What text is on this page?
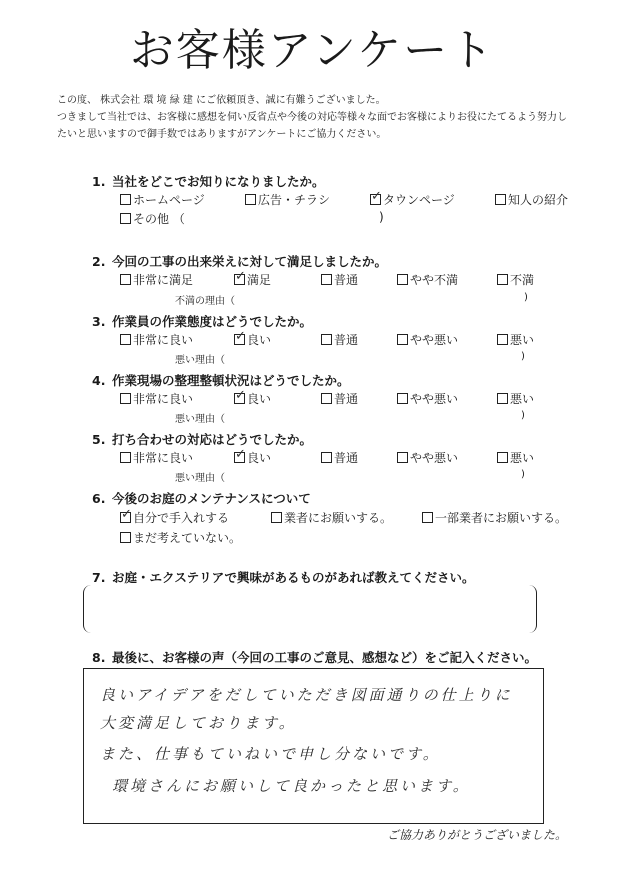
お客様アンケート
この度、 株式会社 環 境 緑 建 にご依頼頂き、誠に有難うございました。
つきまして当社では、お客様に感想を伺い反省点や今後の対応等様々な面でお客様によりお役にたてるよう努力し
たいと思いますので御手数ではありますがアンケートにご協力ください。
1. 当社をどこでお知りになりましたか。
ホームページ	広告・チラシ ✓	タウンページ	知人の紹介
その他 （	)
2. 今回の工事の出来栄えに対して満足しましたか。
非常に満足 ✓	満足	普通	やや不満	不満
不満の理由（	)
3. 作業員の作業態度はどうでしたか。
非常に良い ✓	良い	普通	やや悪い	悪い
悪い理由（	)
4. 作業現場の整理整頓状況はどうでしたか。
非常に良い ✓	良い	普通	やや悪い	悪い
悪い理由（	)
5. 打ち合わせの対応はどうでしたか。
非常に良い ✓	良い	普通	やや悪い	悪い
悪い理由（	)
6. 今後のお庭のメンテナンスについて
✓自分で手入れする	業者にお願いする。	一部業者にお願いする。
まだ考えていない。
7. お庭・エクステリアで興味があるものがあれば教えてください。
8. 最後に、お客様の声（今回の工事のご意見、感想など）をご記入ください。
良いアイデアをだしていただき図面通りの仕上りに
大変満足しております。
また、仕事もていねいで申し分ないです。
環境さんにお願いして良かったと思います。
ご協力ありがとうございました。
